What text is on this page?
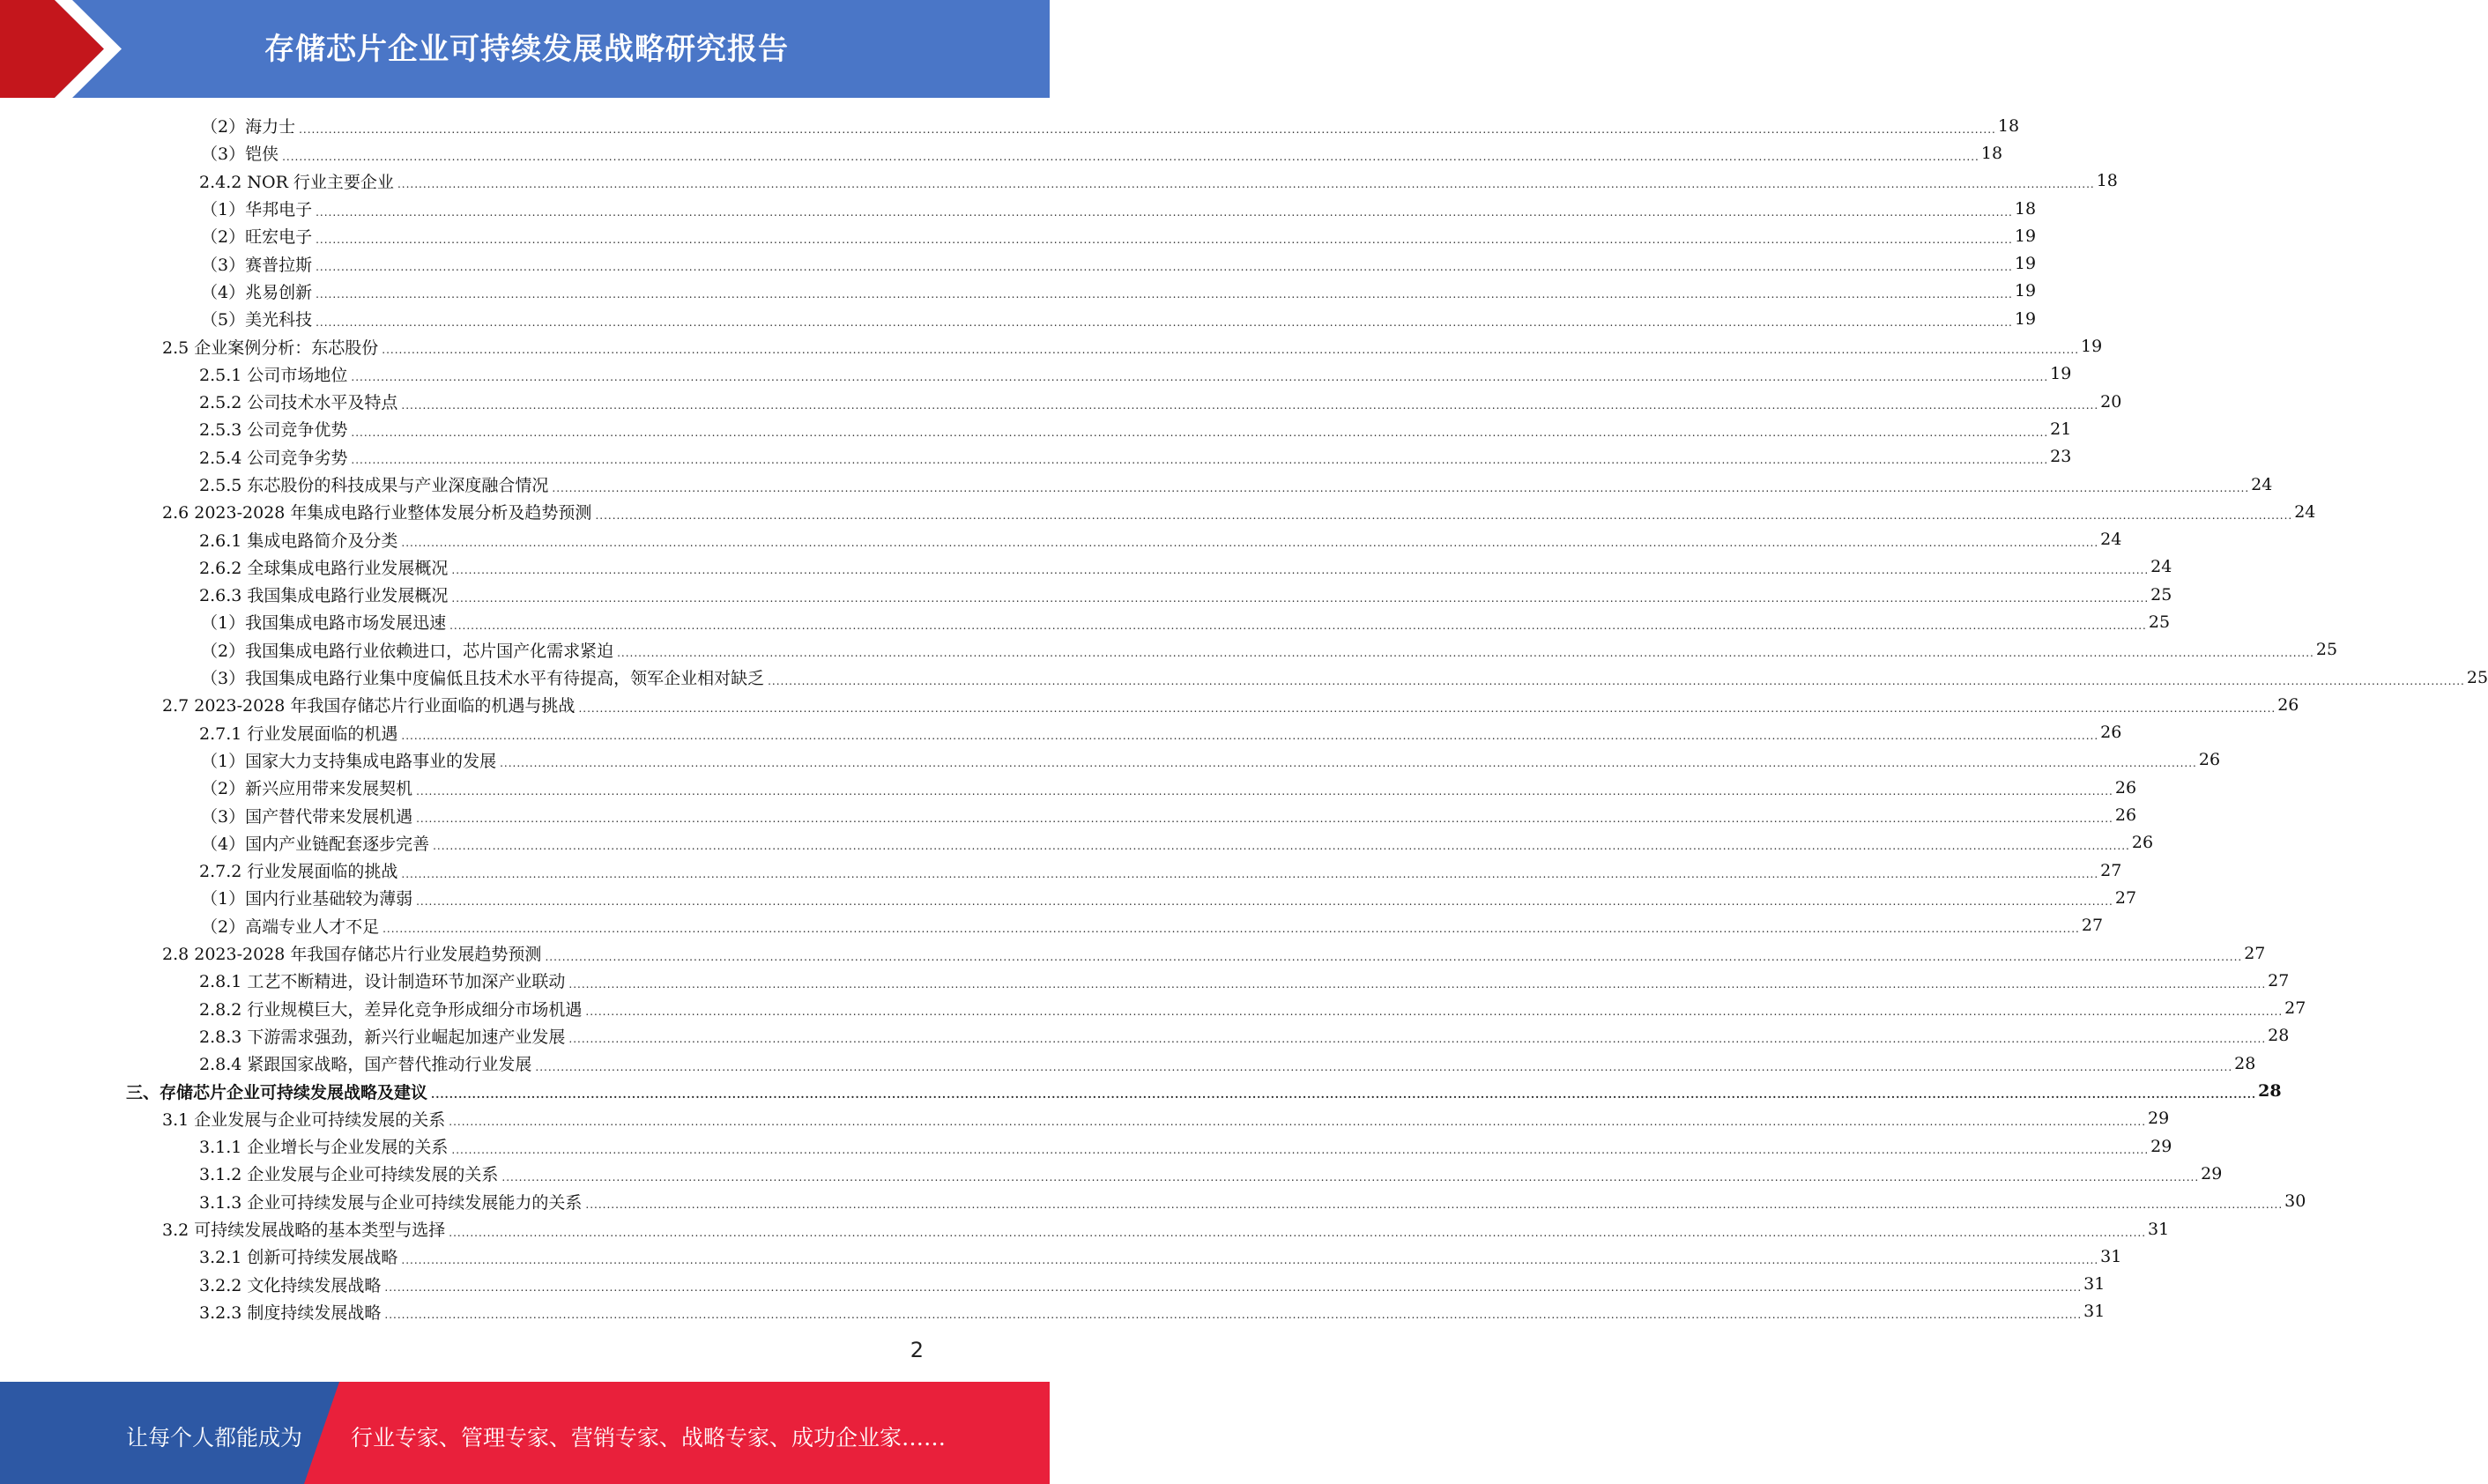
存储芯片企业可持续发展战略研究报告
（2）海力士 ................................................................................................................................................................................................................................................................................................................................................................................................................ 18
（3）铠侠 ................................................................................................................................................................................................................................................................................................................................................................................................................ 18
2.4.2 NOR 行业主要企业 ................................................................................................................................................................................................................................................................................................................................................................................................................ 18
（1）华邦电子 ................................................................................................................................................................................................................................................................................................................................................................................................................ 18
（2）旺宏电子 ................................................................................................................................................................................................................................................................................................................................................................................................................ 19
（3）赛普拉斯 ................................................................................................................................................................................................................................................................................................................................................................................................................ 19
（4）兆易创新 ................................................................................................................................................................................................................................................................................................................................................................................................................ 19
（5）美光科技 ................................................................................................................................................................................................................................................................................................................................................................................................................ 19
2.5 企业案例分析：东芯股份 ................................................................................................................................................................................................................................................................................................................................................................................................................ 19
2.5.1 公司市场地位 ................................................................................................................................................................................................................................................................................................................................................................................................................ 19
2.5.2 公司技术水平及特点 ................................................................................................................................................................................................................................................................................................................................................................................................................ 20
2.5.3 公司竞争优势 ................................................................................................................................................................................................................................................................................................................................................................................................................ 21
2.5.4 公司竞争劣势 ................................................................................................................................................................................................................................................................................................................................................................................................................ 23
2.5.5 东芯股份的科技成果与产业深度融合情况 ................................................................................................................................................................................................................................................................................................................................................................................................................ 24
2.6 2023-2028 年集成电路行业整体发展分析及趋势预测 ................................................................................................................................................................................................................................................................................................................................................................................................................ 24
2.6.1 集成电路简介及分类 ................................................................................................................................................................................................................................................................................................................................................................................................................ 24
2.6.2 全球集成电路行业发展概况 ................................................................................................................................................................................................................................................................................................................................................................................................................ 24
2.6.3 我国集成电路行业发展概况 ................................................................................................................................................................................................................................................................................................................................................................................................................ 25
（1）我国集成电路市场发展迅速 ................................................................................................................................................................................................................................................................................................................................................................................................................ 25
（2）我国集成电路行业依赖进口，芯片国产化需求紧迫 ................................................................................................................................................................................................................................................................................................................................................................................................................ 25
（3）我国集成电路行业集中度偏低且技术水平有待提高，领军企业相对缺乏 ................................................................................................................................................................................................................................................................................................................................................................................................................ 25
2.7 2023-2028 年我国存储芯片行业面临的机遇与挑战 ................................................................................................................................................................................................................................................................................................................................................................................................................ 26
2.7.1 行业发展面临的机遇 ................................................................................................................................................................................................................................................................................................................................................................................................................ 26
（1）国家大力支持集成电路事业的发展 ................................................................................................................................................................................................................................................................................................................................................................................................................ 26
（2）新兴应用带来发展契机 ................................................................................................................................................................................................................................................................................................................................................................................................................ 26
（3）国产替代带来发展机遇 ................................................................................................................................................................................................................................................................................................................................................................................................................ 26
（4）国内产业链配套逐步完善 ................................................................................................................................................................................................................................................................................................................................................................................................................ 26
2.7.2 行业发展面临的挑战 ................................................................................................................................................................................................................................................................................................................................................................................................................ 27
（1）国内行业基础较为薄弱 ................................................................................................................................................................................................................................................................................................................................................................................................................ 27
（2）高端专业人才不足 ................................................................................................................................................................................................................................................................................................................................................................................................................ 27
2.8 2023-2028 年我国存储芯片行业发展趋势预测 ................................................................................................................................................................................................................................................................................................................................................................................................................ 27
2.8.1 工艺不断精进，设计制造环节加深产业联动 ................................................................................................................................................................................................................................................................................................................................................................................................................ 27
2.8.2 行业规模巨大，差异化竞争形成细分市场机遇 ................................................................................................................................................................................................................................................................................................................................................................................................................ 27
2.8.3 下游需求强劲，新兴行业崛起加速产业发展 ................................................................................................................................................................................................................................................................................................................................................................................................................ 28
2.8.4 紧跟国家战略，国产替代推动行业发展 ................................................................................................................................................................................................................................................................................................................................................................................................................ 28
三、存储芯片企业可持续发展战略及建议 ................................................................................................................................................................................................................................................................................................................................................................................................................ 28
3.1 企业发展与企业可持续发展的关系 ................................................................................................................................................................................................................................................................................................................................................................................................................ 29
3.1.1 企业增长与企业发展的关系 ................................................................................................................................................................................................................................................................................................................................................................................................................ 29
3.1.2 企业发展与企业可持续发展的关系 ................................................................................................................................................................................................................................................................................................................................................................................................................ 29
3.1.3 企业可持续发展与企业可持续发展能力的关系 ................................................................................................................................................................................................................................................................................................................................................................................................................ 30
3.2 可持续发展战略的基本类型与选择 ................................................................................................................................................................................................................................................................................................................................................................................................................ 31
3.2.1 创新可持续发展战略 ................................................................................................................................................................................................................................................................................................................................................................................................................ 31
3.2.2 文化持续发展战略 ................................................................................................................................................................................................................................................................................................................................................................................................................ 31
3.2.3 制度持续发展战略 ................................................................................................................................................................................................................................................................................................................................................................................................................ 31
2
让每个人都能成为 行业专家、管理专家、营销专家、战略专家、成功企业家……
